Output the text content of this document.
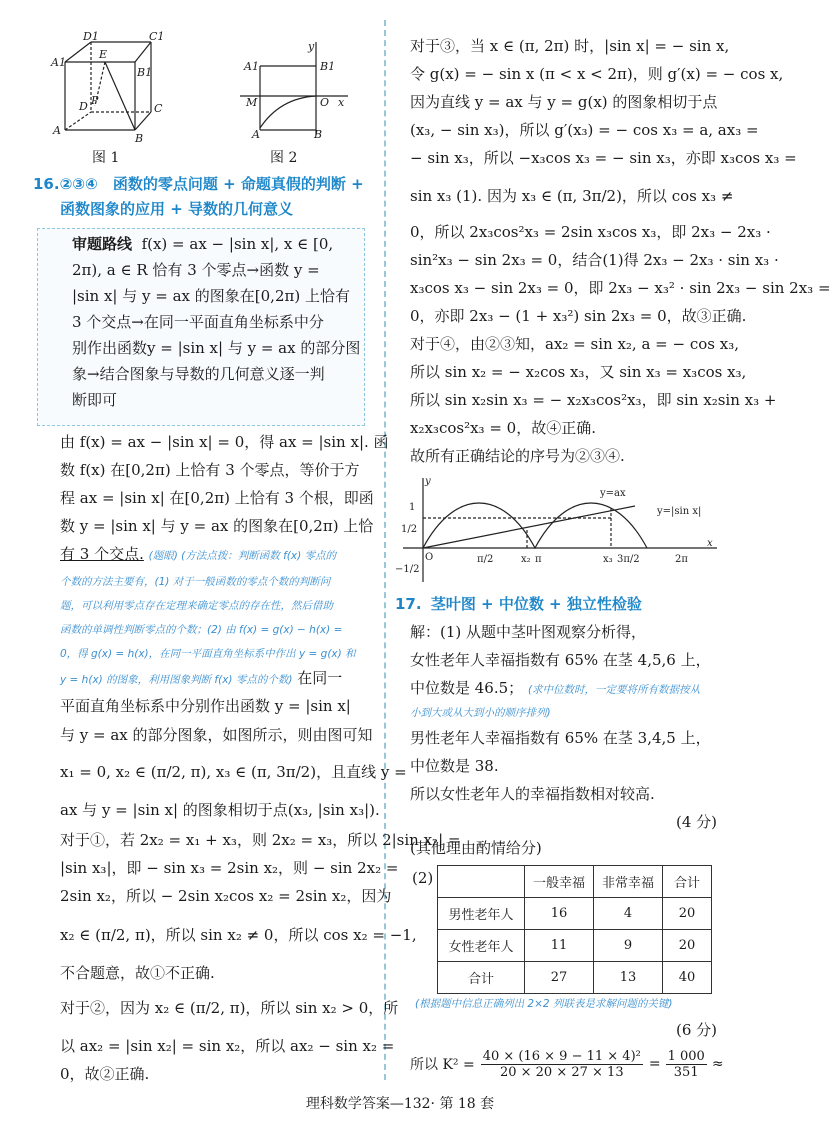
D1	C1
A1
E
B1
D P
C
A
B
图 1
y
A1	B1
M	O x
A	B
图 2
16.②③④ 函数的零点问题 + 命题真假的判断 +
函数图象的应用 + 导数的几何意义
审题路线 f(x) = ax − |sin x|, x ∈ [0,
2π), a ∈ R 恰有 3 个零点→函数 y =
|sin x| 与 y = ax 的图象在[0,2π) 上恰有
3 个交点→在同一平面直角坐标系中分
别作出函数y = |sin x| 与 y = ax 的部分图
象→结合图象与导数的几何意义逐一判
断即可
由 f(x) = ax − |sin x| = 0，得 ax = |sin x|. 函
数 f(x) 在[0,2π) 上恰有 3 个零点，等价于方
程 ax = |sin x| 在[0,2π) 上恰有 3 个根，即函
数 y = |sin x| 与 y = ax 的图象在[0,2π) 上恰
有 3 个交点. (题眼) (方法点拨：判断函数 f(x) 零点的
个数的方法主要有，(1) 对于一般函数的零点个数的判断问
题，可以利用零点存在定理来确定零点的存在性，然后借助
函数的单调性判断零点的个数；(2) 由 f(x) = g(x) − h(x) =
0，得 g(x) = h(x)，在同一平面直角坐标系中作出 y = g(x) 和
y = h(x) 的图象，利用图象判断 f(x) 零点的个数) 在同一
平面直角坐标系中分别作出函数 y = |sin x|
与 y = ax 的部分图象，如图所示，则由图可知
x₁ = 0, x₂ ∈ (π/2, π), x₃ ∈ (π, 3π/2)，且直线 y =
ax 与 y = |sin x| 的图象相切于点(x₃, |sin x₃|).
对于①，若 2x₂ = x₁ + x₃，则 2x₂ = x₃，所以 2|sin x₂| =
|sin x₃|，即 − sin x₃ = 2sin x₂，则 − sin 2x₂ =
2sin x₂，所以 − 2sin x₂cos x₂ = 2sin x₂，因为
x₂ ∈ (π/2, π)，所以 sin x₂ ≠ 0，所以 cos x₂ = −1,
不合题意，故①不正确.
对于②，因为 x₂ ∈ (π/2, π)，所以 sin x₂ > 0，所
以 ax₂ = |sin x₂| = sin x₂，所以 ax₂ − sin x₂ =
0，故②正确.
对于③，当 x ∈ (π, 2π) 时，|sin x| = − sin x,
令 g(x) = − sin x (π < x < 2π)，则 g′(x) = − cos x,
因为直线 y = ax 与 y = g(x) 的图象相切于点
(x₃, − sin x₃)，所以 g′(x₃) = − cos x₃ = a, ax₃ =
− sin x₃，所以 −x₃cos x₃ = − sin x₃，亦即 x₃cos x₃ =
sin x₃ (1). 因为 x₃ ∈ (π, 3π/2)，所以 cos x₃ ≠
0，所以 2x₃cos²x₃ = 2sin x₃cos x₃，即 2x₃ − 2x₃ ·
sin²x₃ − sin 2x₃ = 0，结合(1)得 2x₃ − 2x₃ · sin x₃ ·
x₃cos x₃ − sin 2x₃ = 0，即 2x₃ − x₃² · sin 2x₃ − sin 2x₃ =
0，亦即 2x₃ − (1 + x₃²) sin 2x₃ = 0，故③正确.
对于④，由②③知，ax₂ = sin x₂, a = − cos x₃,
所以 sin x₂ = − x₂cos x₃，又 sin x₃ = x₃cos x₃,
所以 sin x₂sin x₃ = − x₂x₃cos²x₃，即 sin x₂sin x₃ +
x₂x₃cos²x₃ = 0，故④正确.
故所有正确结论的序号为②③④.
y
x
y=ax
y=|sin x|
1
1/2
O
−1/2
π/2	x₂ π	x₃ 3π/2	2π
17. 茎叶图 + 中位数 + 独立性检验
解：(1) 从题中茎叶图观察分析得，
女性老年人幸福指数有 65% 在茎 4,5,6 上，
中位数是 46.5； (求中位数时，一定要将所有数据按从
小到大或从大到小的顺序排列)
男性老年人幸福指数有 65% 在茎 3,4,5 上，
中位数是 38.
所以女性老年人的幸福指数相对较高.
(4 分)
(其他理由酌情给分)
(2)
		一般幸福	非常幸福	合计
男性老年人	16	4	20
女性老年人	11	9	20
合计	27	13	40
(根据题中信息正确列出 2×2 列联表是求解问题的关键)
(6 分)
所以 $K^2 = \frac{\text{40 × (16 × 9 − 11 × 4)²}}{20 \times 20 \times 27 \times 13} = \frac{1 000}{351}$ ≈
理科数学答案—132· 第 18 套
